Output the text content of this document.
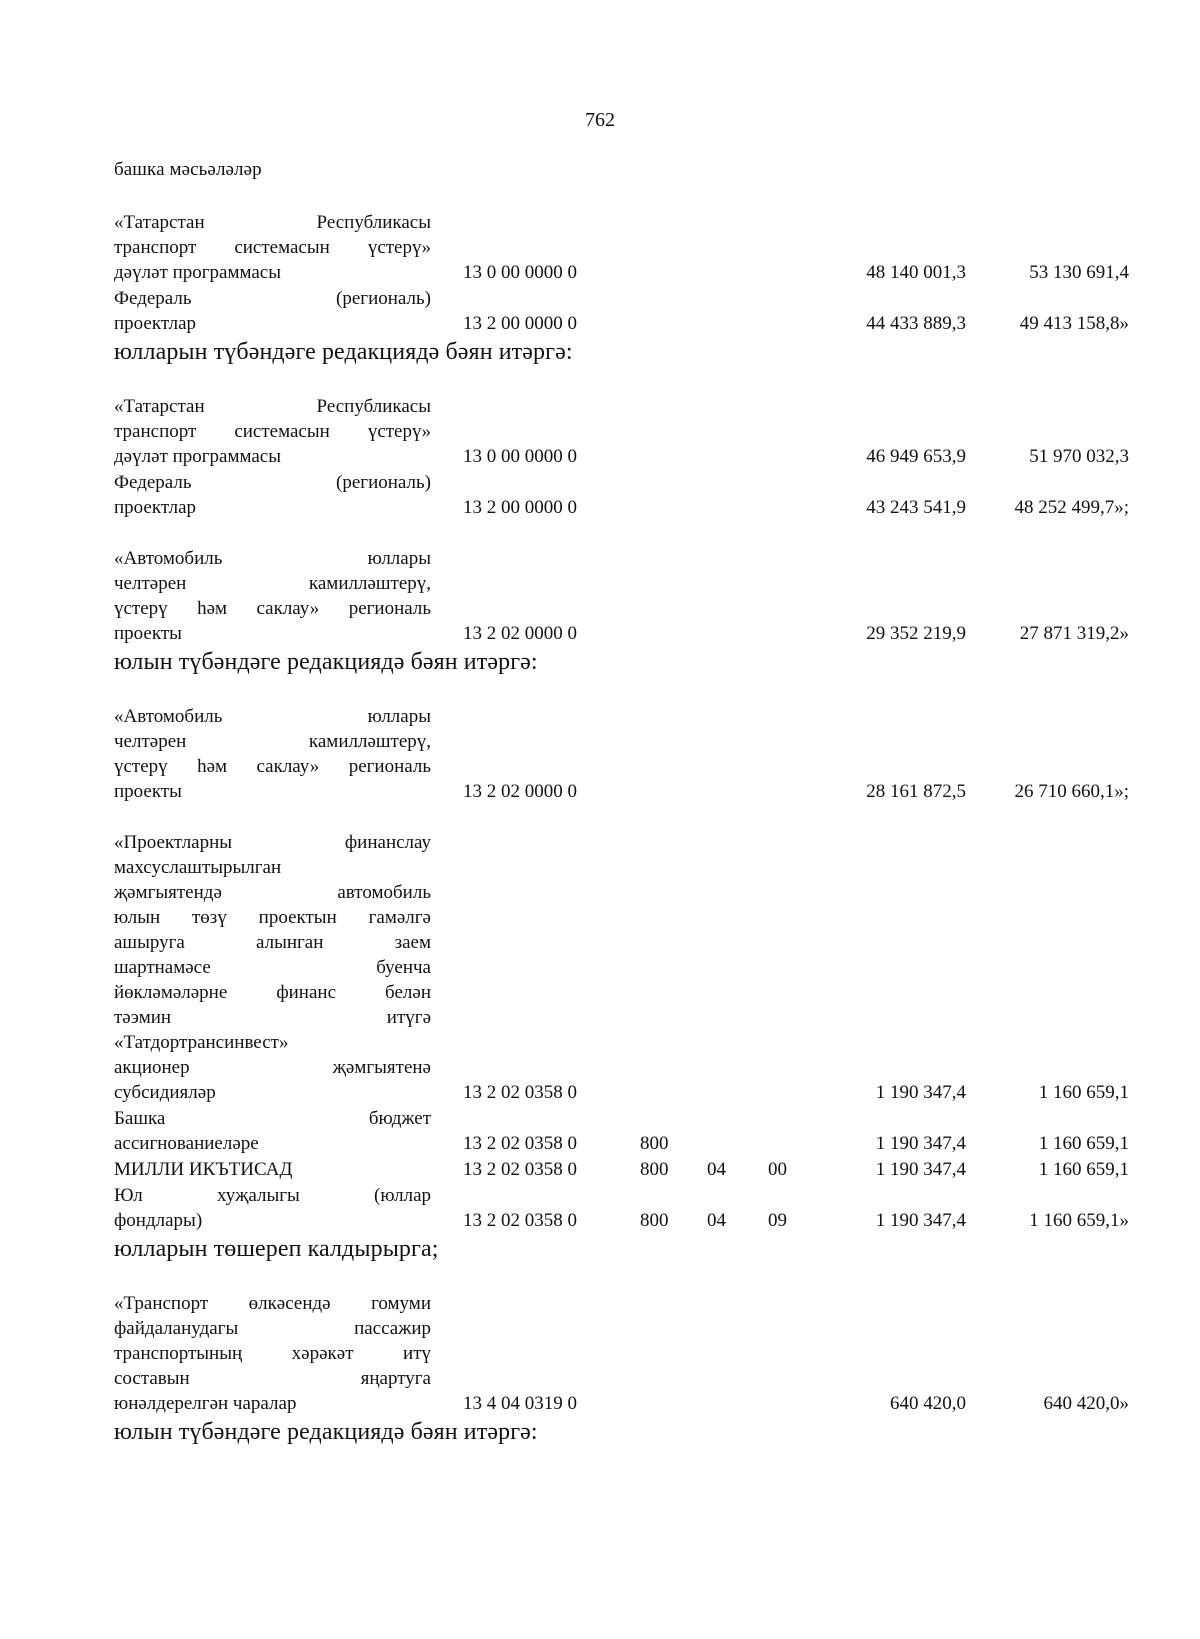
762
башка мәсьәләләр
«Татарстан Республикасы
транспорт системасын үстерү»
дәүләт программасы	13 0 00 0000 0	48 140 001,3	53 130 691,4
Федераль (региональ)
проектлар	13 2 00 0000 0	44 433 889,3	49 413 158,8»
юлларын түбәндәге редакциядә бәян итәргә:
«Татарстан Республикасы
транспорт системасын үстерү»
дәүләт программасы	13 0 00 0000 0	46 949 653,9	51 970 032,3
Федераль (региональ)
проектлар	13 2 00 0000 0	43 243 541,9	48 252 499,7»;
«Автомобиль юллары
челтәрен камилләштерү,
үстерү һәм саклау» региональ
проекты	13 2 02 0000 0	29 352 219,9	27 871 319,2»
юлын түбәндәге редакциядә бәян итәргә:
«Автомобиль юллары
челтәрен камилләштерү,
үстерү һәм саклау» региональ
проекты	13 2 02 0000 0	28 161 872,5	26 710 660,1»;
«Проектларны финанслау
махсуслаштырылган
җәмгыятендә автомобиль
юлын төзү проектын гамәлгә
ашыруга алынган заем
шартнамәсе буенча
йөкләмәләрне финанс белән
тәэмин итүгә
«Татдортрансинвест»
акционер җәмгыятенә
субсидияләр	13 2 02 0358 0	1 190 347,4	1 160 659,1
Башка бюджет
ассигнованиеләре	13 2 02 0358 0	800	1 190 347,4	1 160 659,1
МИЛЛИ ИКЪТИСАД	13 2 02 0358 0	800 04 00	1 190 347,4	1 160 659,1
Юл хуҗалыгы (юллар
фондлары)	13 2 02 0358 0	800 04 09	1 190 347,4	1 160 659,1»
юлларын төшереп калдырырга;
«Транспорт өлкәсендә гомуми
файдаланудагы пассажир
транспортының хәрәкәт итү
составын яңартуга
юнәлдерелгән чаралар	13 4 04 0319 0	640 420,0	640 420,0»
юлын түбәндәге редакциядә бәян итәргә:
